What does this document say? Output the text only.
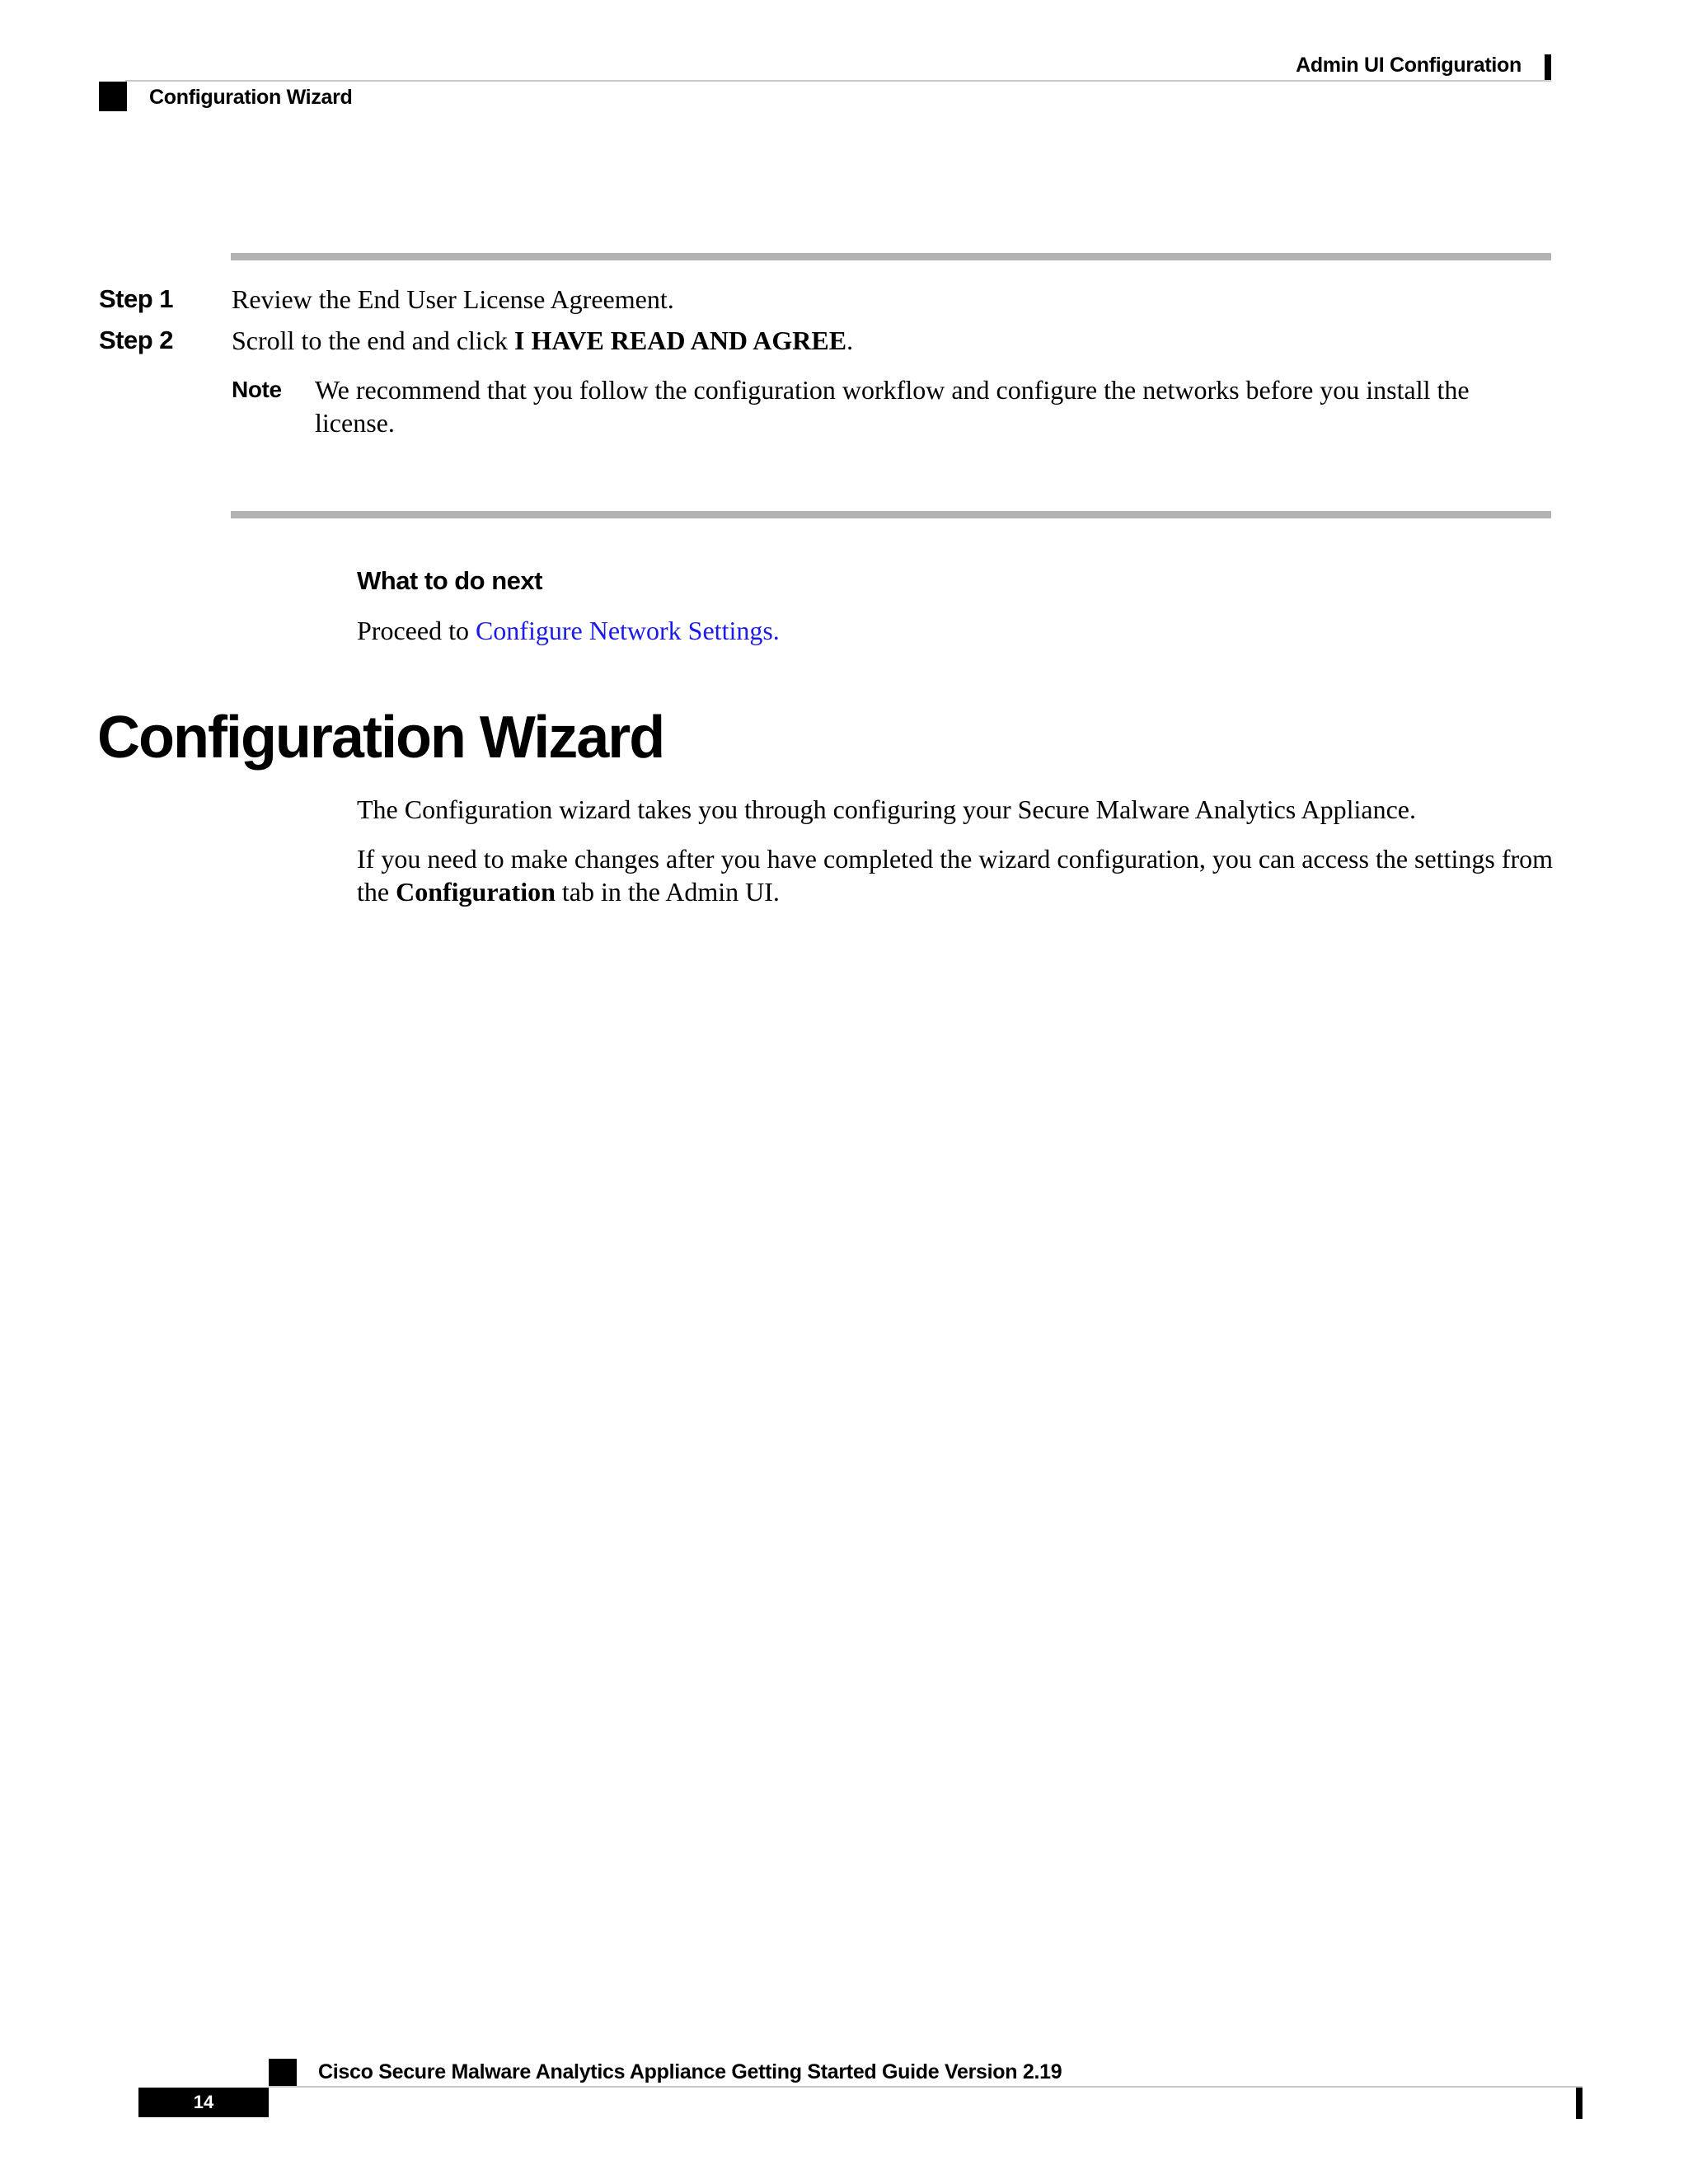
Admin UI Configuration
Configuration Wizard
Step 1 Review the End User License Agreement.
Step 2 Scroll to the end and click I HAVE READ AND AGREE.
Note We recommend that you follow the configuration workflow and configure the networks before you install the license.
What to do next
Proceed to Configure Network Settings.
Configuration Wizard

The Configuration wizard takes you through configuring your Secure Malware Analytics Appliance.

If you need to make changes after you have completed the wizard configuration, you can access the settings from the Configuration tab in the Admin UI.

Cisco Secure Malware Analytics Appliance Getting Started Guide Version 2.19
14
